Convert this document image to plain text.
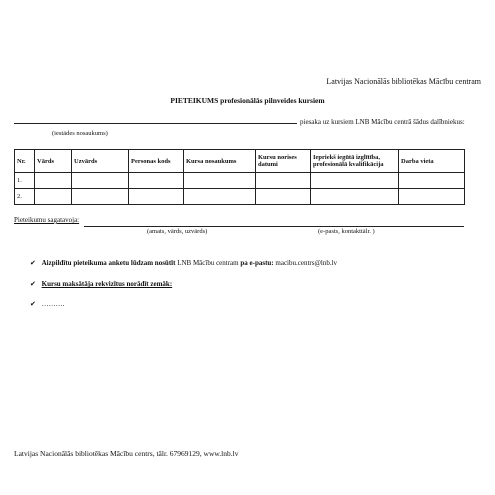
Latvijas Nacionālās bibliotēkas Mācību centram
PIETEIKUMS profesionālās pilnveides kursiem
piesaka uz kursiem LNB Mācību centrā šādus dalībniekus:
(iestādes nosaukums)
Nr.	Vārds	Uzvārds	Personas kods	Kursa nosaukums	Kursu norises datumi	Iepriekš iegūtā izglītība, profesionālā kvalifikācija	Darba vieta
1.							
2.							
Pieteikumu sagatavoja:
(amats, vārds, uzvārds)	(e-pasts, kontakttālr. )
✔ Aizpildītu pieteikuma anketu lūdzam nosūtīt LNB Mācību centram pa e-pastu: macibu.centrs@lnb.lv
✔ Kursu maksātāja rekvizītus norādīt zemāk:
✔ ……….
Latvijas Nacionālās bibliotēkas Mācību centrs, tālr. 67969129, www.lnb.lv
